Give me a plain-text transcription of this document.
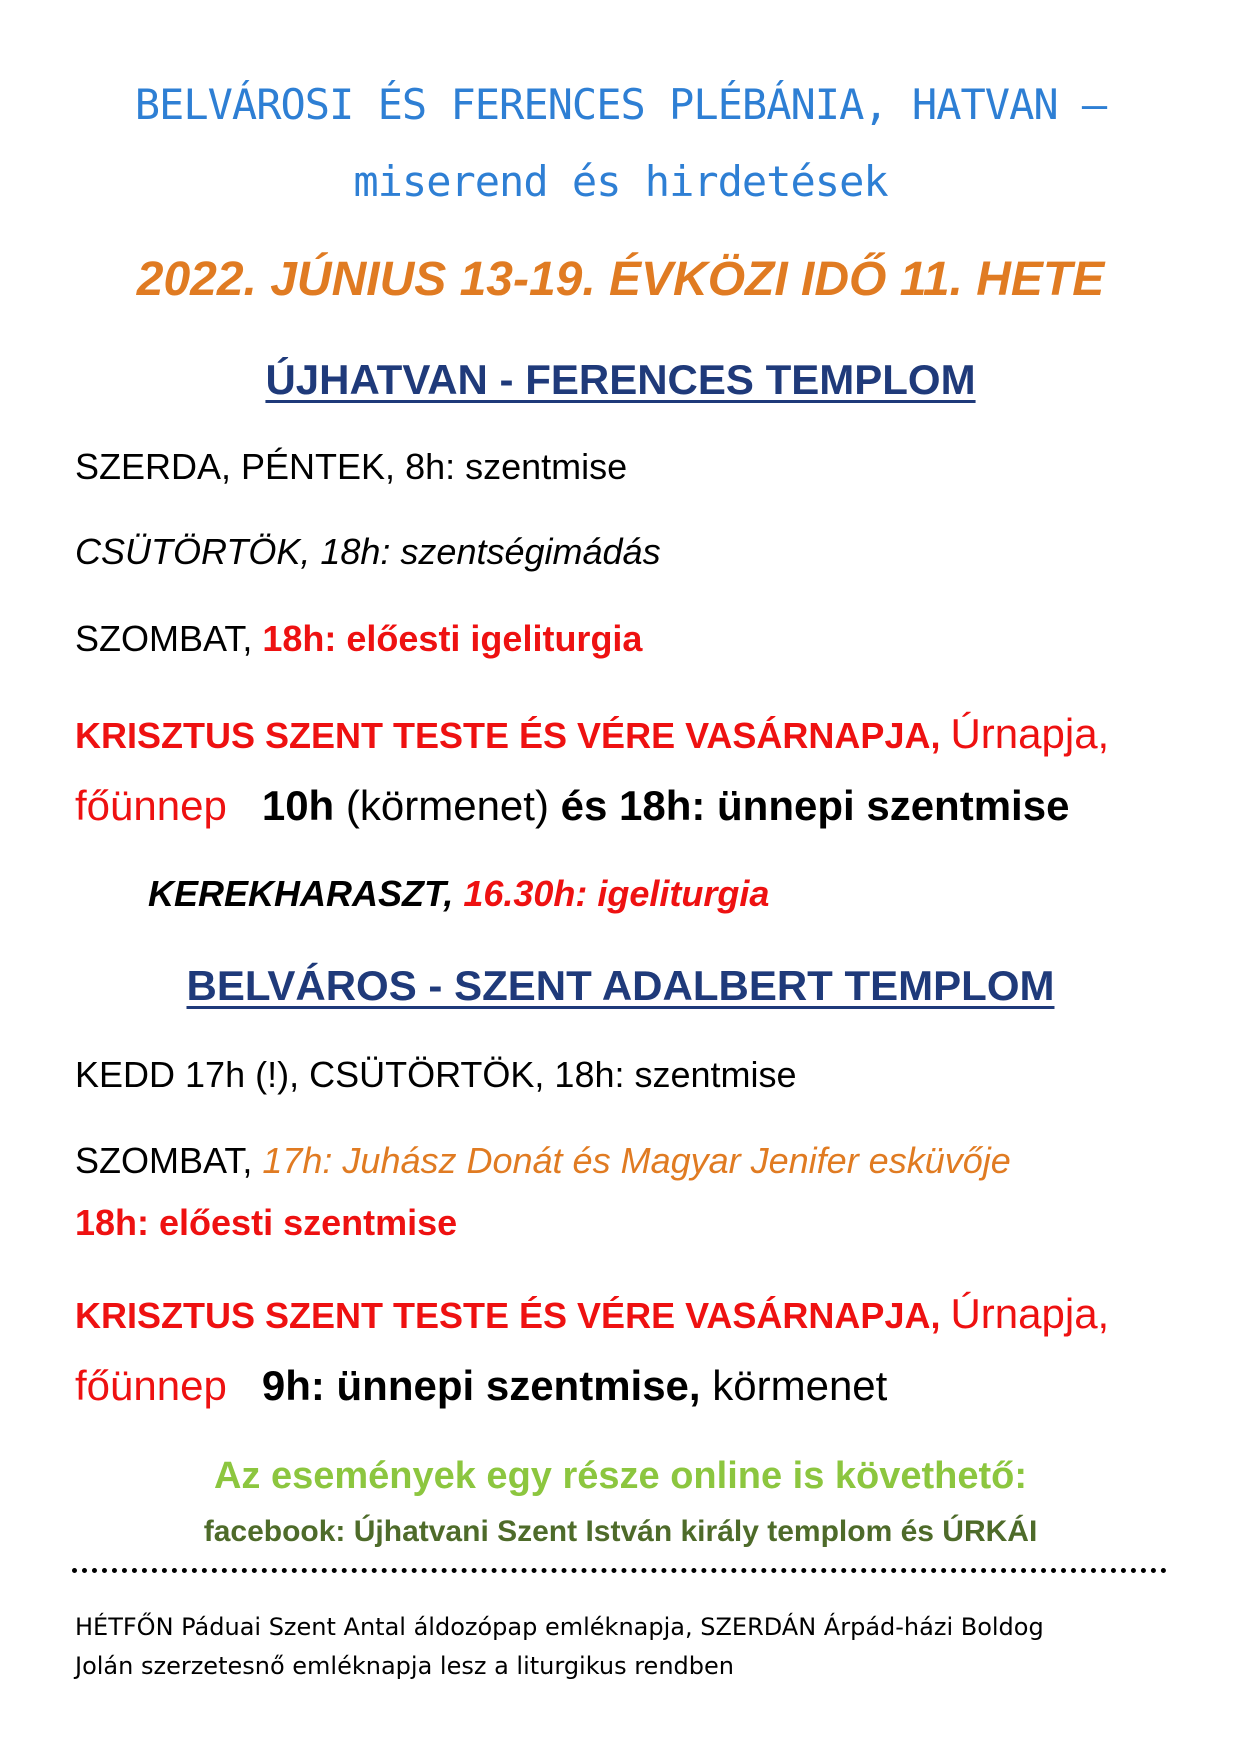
BELVÁROSI ÉS FERENCES PLÉBÁNIA, HATVAN –
miserend és hirdetések
2022. JÚNIUS 13-19. ÉVKÖZI IDŐ 11. HETE
ÚJHATVAN - FERENCES TEMPLOM
SZERDA, PÉNTEK, 8h: szentmise
CSÜTÖRTÖK, 18h: szentségimádás
SZOMBAT, 18h: előesti igeliturgia
KRISZTUS SZENT TESTE ÉS VÉRE VASÁRNAPJA, Úrnapja,
főünnep 10h (körmenet) és 18h: ünnepi szentmise
KEREKHARASZT, 16.30h: igeliturgia
BELVÁROS - SZENT ADALBERT TEMPLOM
KEDD 17h (!), CSÜTÖRTÖK, 18h: szentmise
SZOMBAT, 17h: Juhász Donát és Magyar Jenifer esküvője
18h: előesti szentmise
KRISZTUS SZENT TESTE ÉS VÉRE VASÁRNAPJA, Úrnapja,
főünnep 9h: ünnepi szentmise, körmenet
Az események egy része online is követhető:
facebook: Újhatvani Szent István király templom és ÚRKÁI
HÉTFŐN Páduai Szent Antal áldozópap emléknapja, SZERDÁN Árpád-házi Boldog
Jolán szerzetesnő emléknapja lesz a liturgikus rendben
